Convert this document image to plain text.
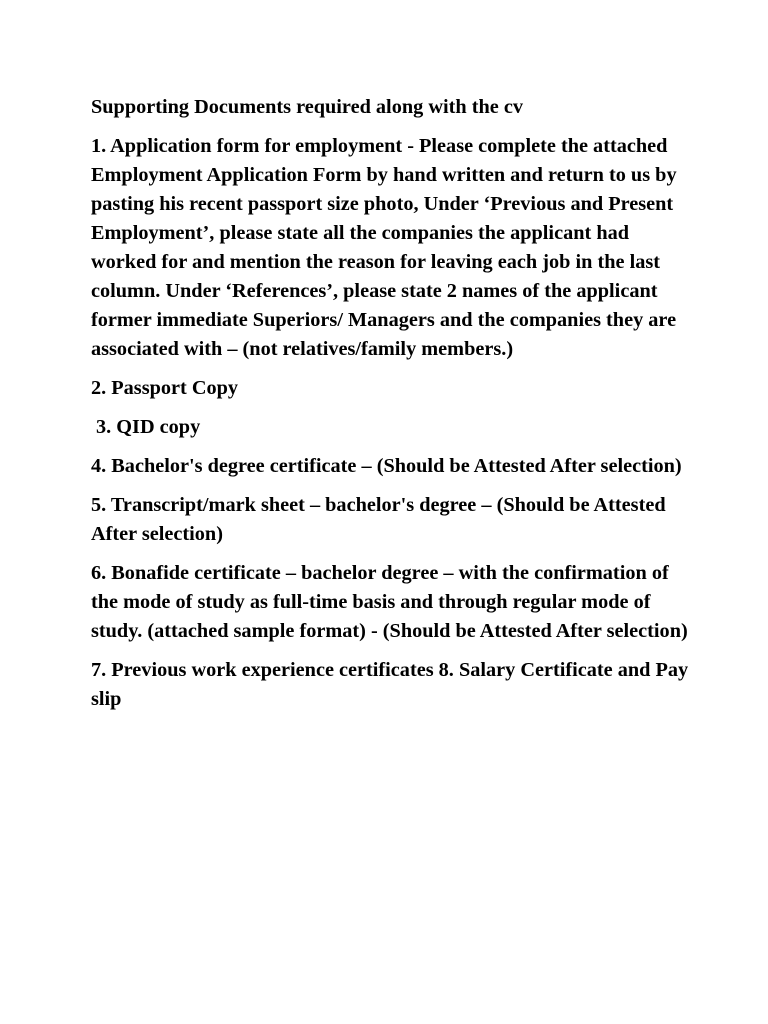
Supporting Documents required along with the cv

1. Application form for employment - Please complete the attached Employment Application Form by hand written and return to us by pasting his recent passport size photo, Under ‘Previous and Present Employment’, please state all the companies the applicant had worked for and mention the reason for leaving each job in the last column. Under ‘References’, please state 2 names of the applicant former immediate Superiors/ Managers and the companies they are associated with – (not relatives/family members.)

2. Passport Copy

3. QID copy

4. Bachelor's degree certificate – (Should be Attested After selection)

5. Transcript/mark sheet – bachelor's degree – (Should be Attested After selection)

6. Bonafide certificate – bachelor degree – with the confirmation of the mode of study as full-time basis and through regular mode of study. (attached sample format) - (Should be Attested After selection)

7. Previous work experience certificates 8. Salary Certificate and Pay slip
